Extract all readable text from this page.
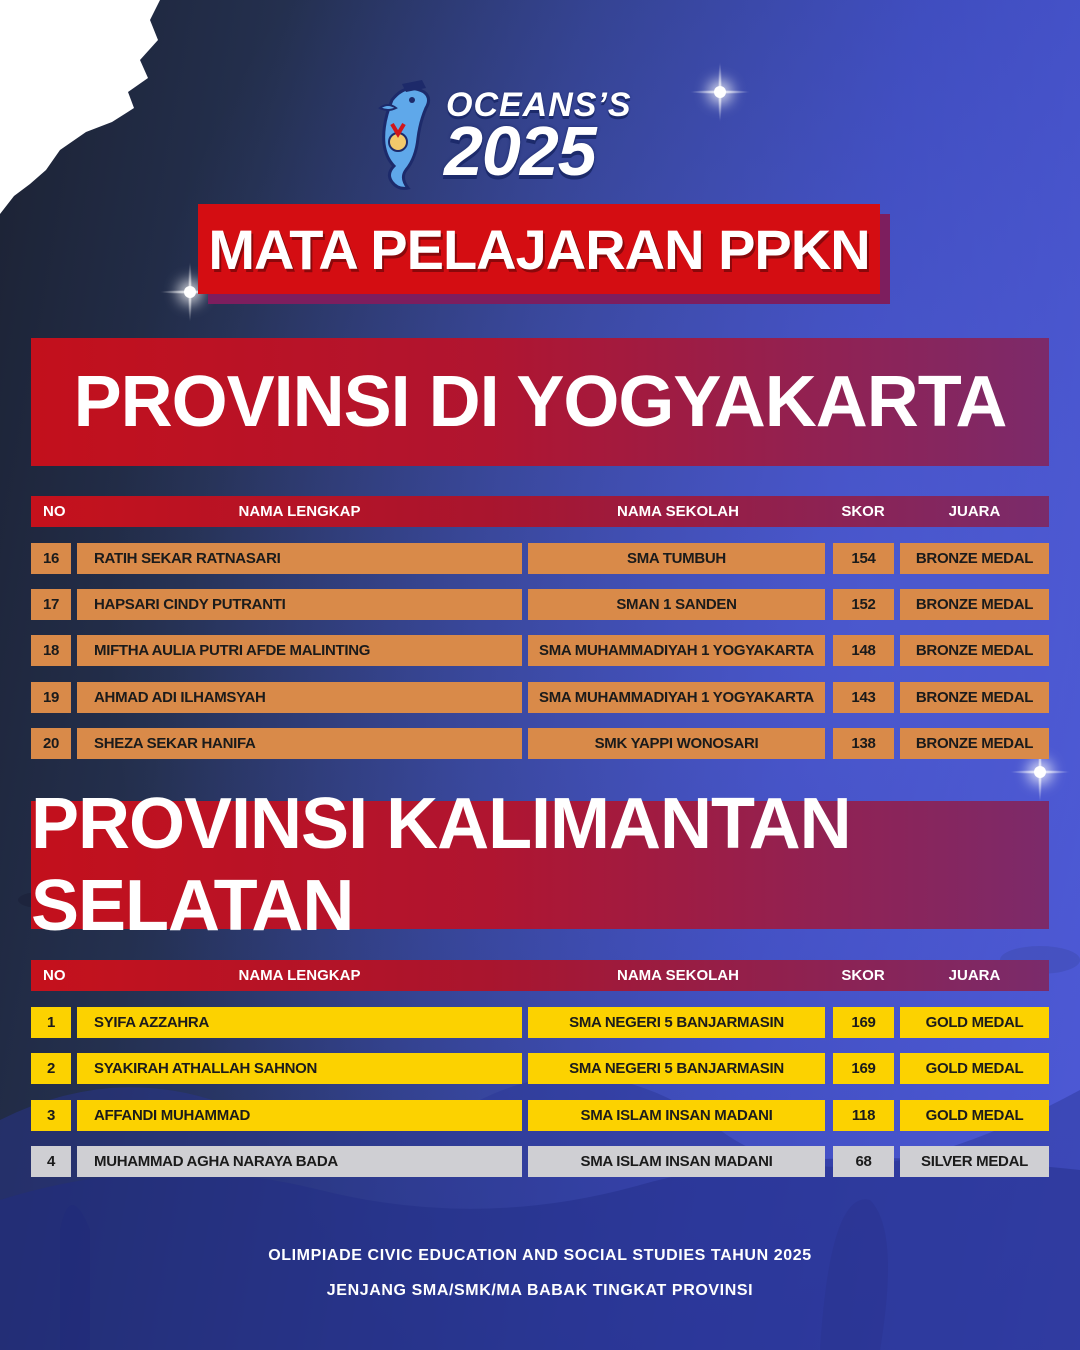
OCEANS’S
2025
MATA PELAJARAN PPKN
PROVINSI DI YOGYAKARTA
NO	NAMA LENGKAP	NAMA SEKOLAH	SKOR	JUARA
16	RATIH SEKAR RATNASARI	SMA TUMBUH	154	BRONZE MEDAL
17	HAPSARI CINDY PUTRANTI	SMAN 1 SANDEN	152	BRONZE MEDAL
18	MIFTHA AULIA PUTRI AFDE MALINTING	SMA MUHAMMADIYAH 1 YOGYAKARTA	148	BRONZE MEDAL
19	AHMAD ADI ILHAMSYAH	SMA MUHAMMADIYAH 1 YOGYAKARTA	143	BRONZE MEDAL
20	SHEZA SEKAR HANIFA	SMK YAPPI WONOSARI	138	BRONZE MEDAL
PROVINSI KALIMANTAN SELATAN
NO	NAMA LENGKAP	NAMA SEKOLAH	SKOR	JUARA
1	SYIFA AZZAHRA	SMA NEGERI 5 BANJARMASIN	169	GOLD MEDAL
2	SYAKIRAH ATHALLAH SAHNON	SMA NEGERI 5 BANJARMASIN	169	GOLD MEDAL
3	AFFANDI MUHAMMAD	SMA ISLAM INSAN MADANI	118	GOLD MEDAL
4	MUHAMMAD AGHA NARAYA BADA	SMA ISLAM INSAN MADANI	68	SILVER MEDAL
OLIMPIADE CIVIC EDUCATION AND SOCIAL STUDIES TAHUN 2025
JENJANG SMA/SMK/MA BABAK TINGKAT PROVINSI
